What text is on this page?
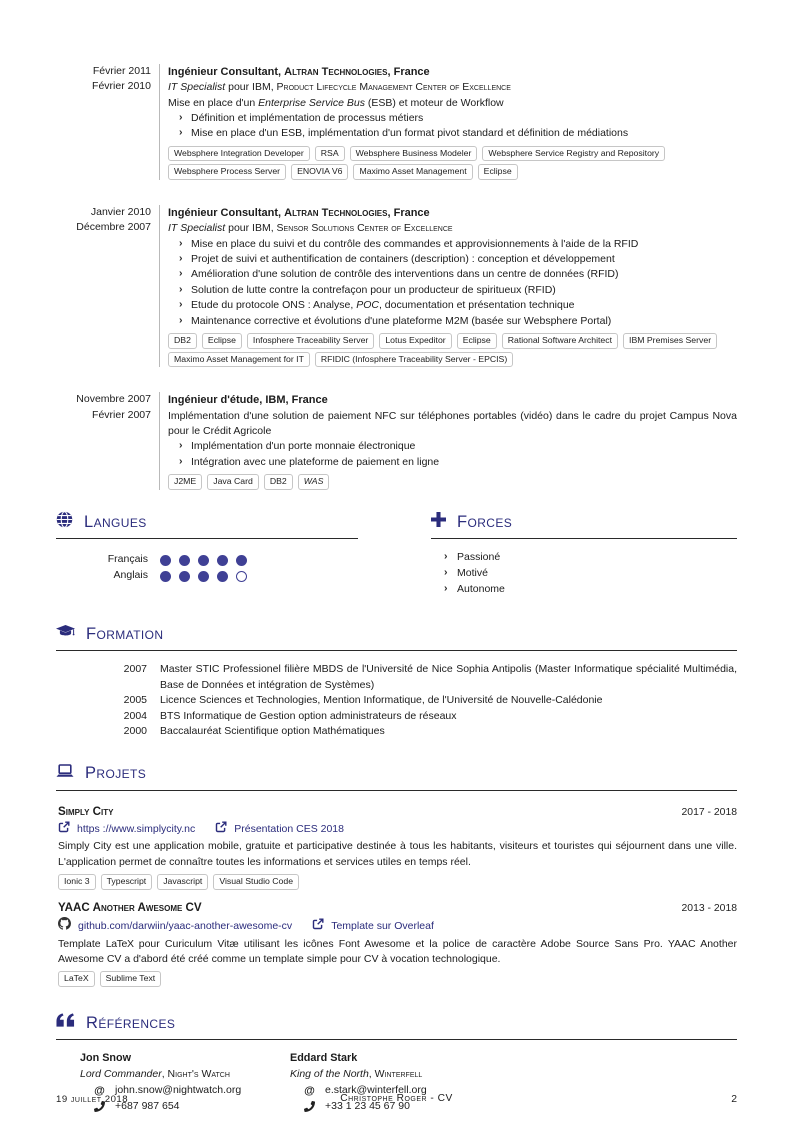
Février 2011
Février 2010
Ingénieur Consultant, Altran Technologies, France
IT Specialist pour IBM, Product Lifecycle Management Center of Excellence
Mise en place d'un Enterprise Service Bus (ESB) et moteur de Workflow
› Définition et implémentation de processus métiers
› Mise en place d'un ESB, implémentation d'un format pivot standard et définition de médiations
Websphere Integration Developer	RSA	Websphere Business Modeler	Websphere Service Registry and Repository
Websphere Process Server	ENOVIA V6	Maximo Asset Management	Eclipse
Janvier 2010
Décembre 2007
Ingénieur Consultant, Altran Technologies, France
IT Specialist pour IBM, Sensor Solutions Center of Excellence
› Mise en place du suivi et du contrôle des commandes et approvisionnements à l'aide de la RFID
› Projet de suivi et authentification de containers (description) : conception et développement
› Amélioration d'une solution de contrôle des interventions dans un centre de données (RFID)
› Solution de lutte contre la contrefaçon pour un producteur de spiritueux (RFID)
› Etude du protocole ONS : Analyse, POC, documentation et présentation technique
› Maintenance corrective et évolutions d'une plateforme M2M (basée sur Websphere Portal)
DB2	Eclipse	Infosphere Traceability Server	Lotus Expeditor	Eclipse	Rational Software Architect	IBM Premises Server
Maximo Asset Management for IT	RFIDIC (Infosphere Traceability Server - EPCIS)
Novembre 2007
Février 2007
Ingénieur d'étude, IBM, France
Implémentation d'une solution de paiement NFC sur téléphones portables (vidéo) dans le cadre du projet Campus Nova pour le Crédit Agricole
› Implémentation d'un porte monnaie électronique
› Intégration avec une plateforme de paiement en ligne
J2ME	Java Card	DB2	WAS
Langues
Français
Anglais
Forces
› Passioné
› Motivé
› Autonome
Formation
2007	Master STIC Professionel filière MBDS de l'Université de Nice Sophia Antipolis (Master Informatique spécialité Multimédia, Base de Données et intégration de Systèmes)
2005	Licence Sciences et Technologies, Mention Informatique, de l'Université de Nouvelle-Calédonie
2004	BTS Informatique de Gestion option administrateurs de réseaux
2000	Baccalauréat Scientifique option Mathématiques
Projets
Simply City	2017 - 2018
https ://www.simplycity.nc	Présentation CES 2018
Simply City est une application mobile, gratuite et participative destinée à tous les habitants, visiteurs et touristes qui séjournent dans une ville. L'application permet de connaître toutes les informations et services utiles en temps réel.
Ionic 3	Typescript	Javascript	Visual Studio Code
YAAC Another Awesome CV	2013 - 2018
github.com/darwiin/yaac-another-awesome-cv	Template sur Overleaf
Template LaTeX pour Curiculum Vitæ utilisant les icônes Font Awesome et la police de caractère Adobe Source Sans Pro. YAAC Another Awesome CV a d'abord été créé comme un template simple pour CV à vocation technologique.
LaTeX	Sublime Text
Références
Jon Snow
Lord Commander, Night's Watch
@
john.snow@nightwatch.org
+687 987 654
Eddard Stark
King of the North, Winterfell
@
e.stark@winterfell.org
+33 1 23 45 67 90
19 juillet 2018	Christophe Roger - CV	2
